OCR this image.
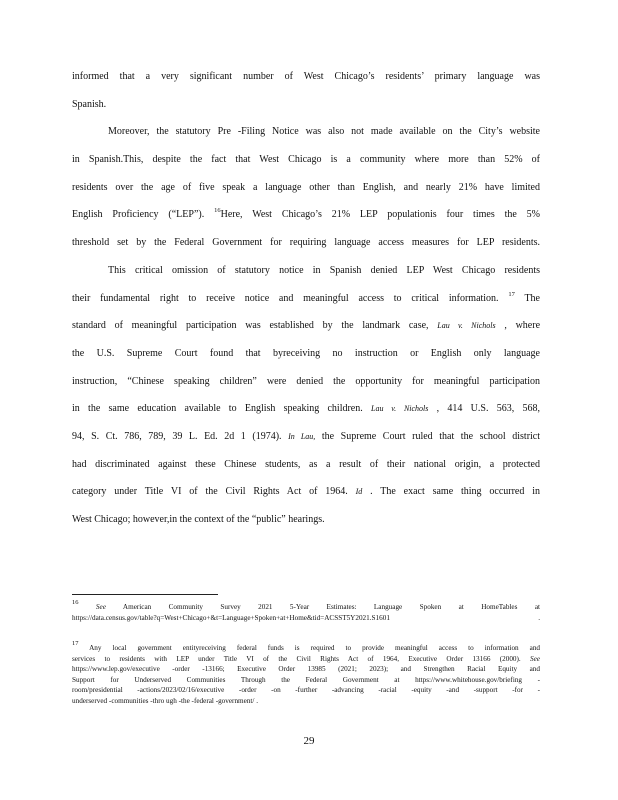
informed that a very significant number of West Chicago’s residents’ primary language was
Spanish.
Moreover, the statutory Pre -Filing Notice was also not made available on the City’s website
in Spanish.This, despite the fact that West Chicago is a community where more than 52% of
residents over the age of five speak a language other than English, and nearly 21% have limited
English Proficiency (“LEP”). $^{16}$Here, West Chicago’s 21% LEP populationis four times the 5%
threshold set by the Federal Government for requiring language access measures for LEP residents.
This critical omission of statutory notice in Spanish denied LEP West Chicago residents
their fundamental right to receive notice and meaningful access to critical information. $^{17}$ The
standard of meaningful participation was established by the landmark case, Lau v. Nichols , where
the U.S. Supreme Court found that byreceiving no instruction or English only language
instruction, “Chinese speaking children” were denied the opportunity for meaningful participation
in the same education available to English speaking children. Lau v. Nichols , 414 U.S. 563, 568,
94, S. Ct. 786, 789, 39 L. Ed. 2d 1 (1974). In Lau, the Supreme Court ruled that the school district
had discriminated against these Chinese students, as a result of their national origin, a protected
category under Title VI of the Civil Rights Act of 1964. Id . The exact same thing occurred in
West Chicago; however,in the context of the “public” hearings.
16 See American Community Survey 2021 5-Year Estimates: Language Spoken at HomeTables at
https://data.census.gov/table?q=West+Chicago+&t=Language+Spoken+at+Home&tid=ACSST5Y2021.S1601	.
17 Any local government entityreceiving federal funds is required to provide meaningful access to information and
services to residents with LEP under Title VI of the Civil Rights Act of 1964, Executive Order 13166 (2000). See
https://www.lep.gov/executive -order -13166; Executive Order 13985 (2021; 2023); and Strengthen Racial Equity and
Support for Underserved Communities Through the Federal Government at https://www.whitehouse.gov/briefing -
room/presidential -actions/2023/02/16/executive -order -on -further -advancing -racial -equity -and -support -for -
underserved -communities -thro ugh -the -federal -government/ .
29
